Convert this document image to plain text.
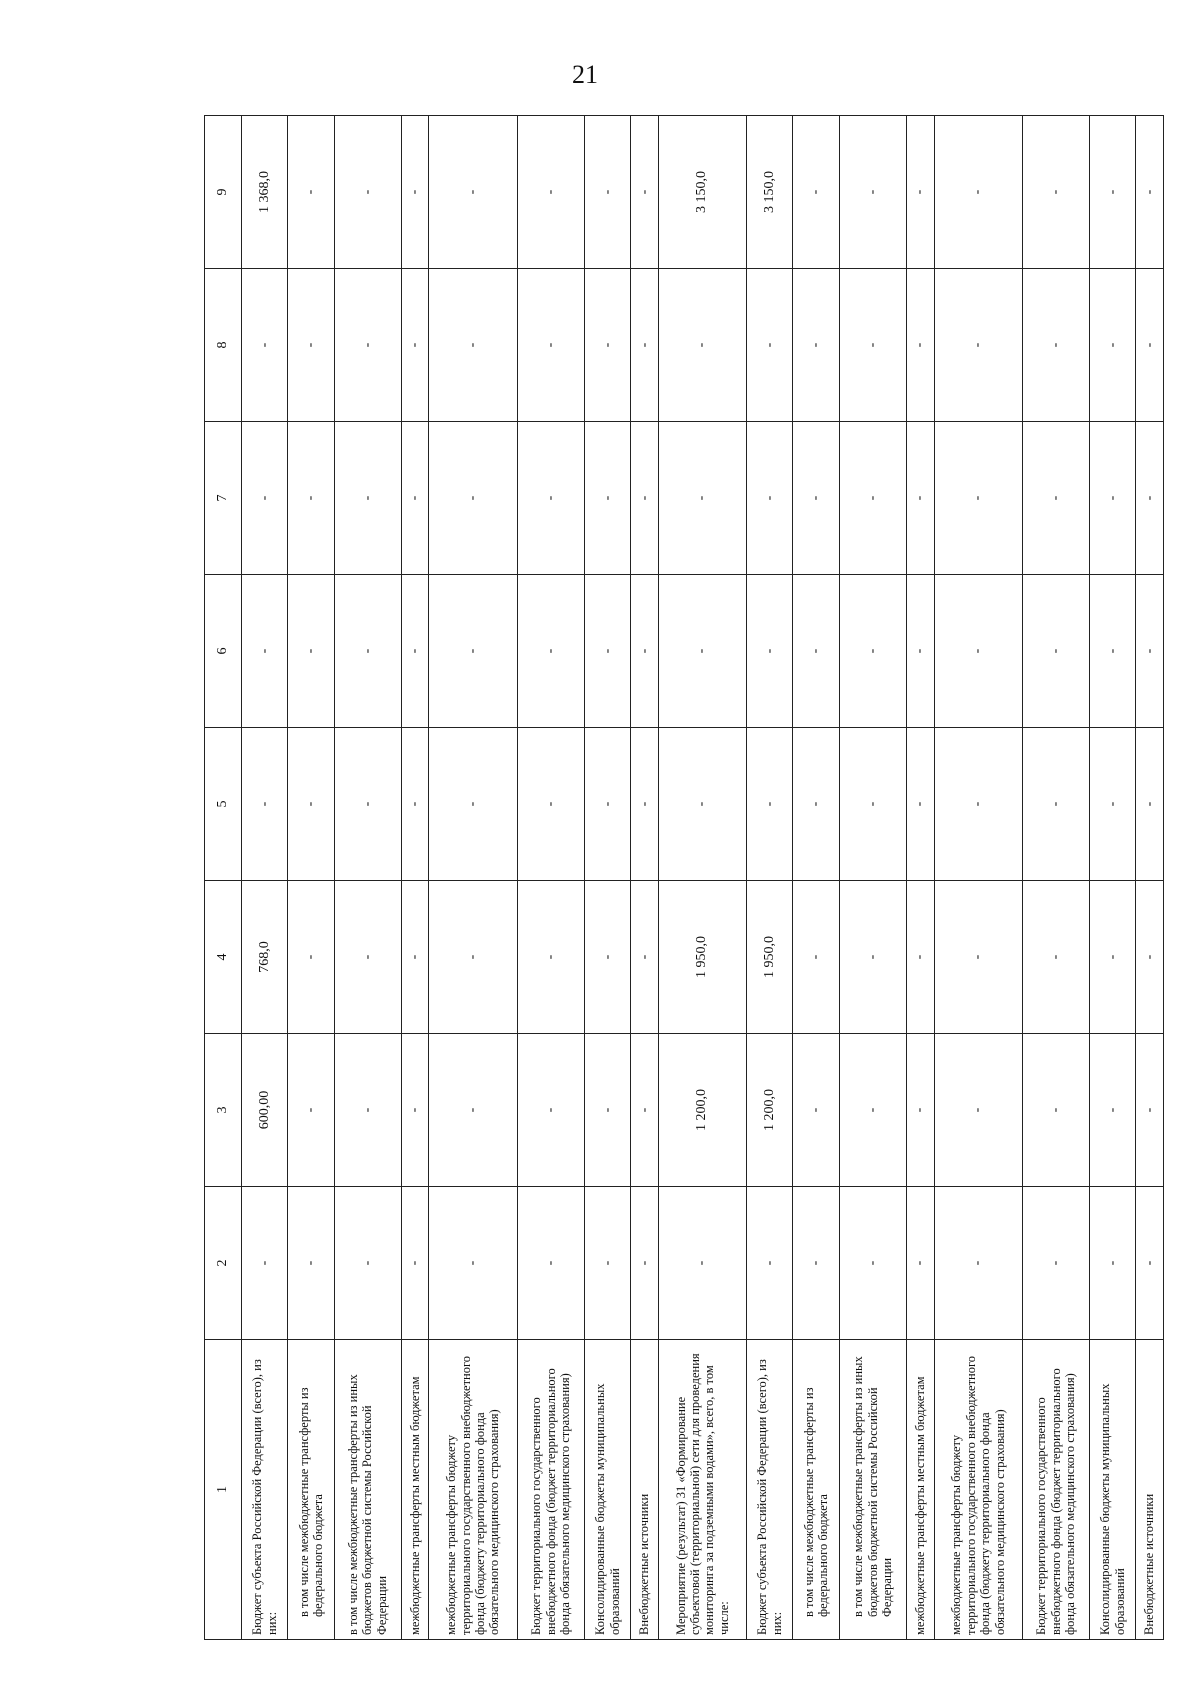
21
1	2	3	4	5	6	7	8	9
Бюджет субъекта Российской Федерации (всего), из них:	-	600,00	768,0	-	-	-	-	1 368,0
в том числе межбюджетные трансферты из федерального бюджета	-	-	-	-	-	-	-	-
в том числе межбюджетные трансферты из иных бюджетов бюджетной системы Российской Федерации	-	-	-	-	-	-	-	-
межбюджетные трансферты местным бюджетам	-	-	-	-	-	-	-	-
межбюджетные трансферты бюджету территориального государственного внебюджетного фонда (бюджету территориального фонда обязательного медицинского страхования)	-	-	-	-	-	-	-	-
Бюджет территориального государственного внебюджетного фонда (бюджет территориального фонда обязательного медицинского страхования)	-	-	-	-	-	-	-	-
Консолидированные бюджеты муниципальных образований	-	-	-	-	-	-	-	-
Внебюджетные источники	-	-	-	-	-	-	-	-
Мероприятие (результат) 31 «Формирование субъектовой (территориальной) сети для проведения мониторинга за подземными водами», всего, в том числе:	-	1 200,0	1 950,0	-	-	-	-	3 150,0
Бюджет субъекта Российской Федерации (всего), из них:	-	1 200,0	1 950,0	-	-	-	-	3 150,0
в том числе межбюджетные трансферты из федерального бюджета	-	-	-	-	-	-	-	-
в том числе межбюджетные трансферты из иных бюджетов бюджетной системы Российской Федерации	-	-	-	-	-	-	-	-
межбюджетные трансферты местным бюджетам	-	-	-	-	-	-	-	-
межбюджетные трансферты бюджету территориального государственного внебюджетного фонда (бюджету территориального фонда обязательного медицинского страхования)	-	-	-	-	-	-	-	-
Бюджет территориального государственного внебюджетного фонда (бюджет территориального фонда обязательного медицинского страхования)	-	-	-	-	-	-	-	-
Консолидированные бюджеты муниципальных образований	-	-	-	-	-	-	-	-
Внебюджетные источники	-	-	-	-	-	-	-	-
